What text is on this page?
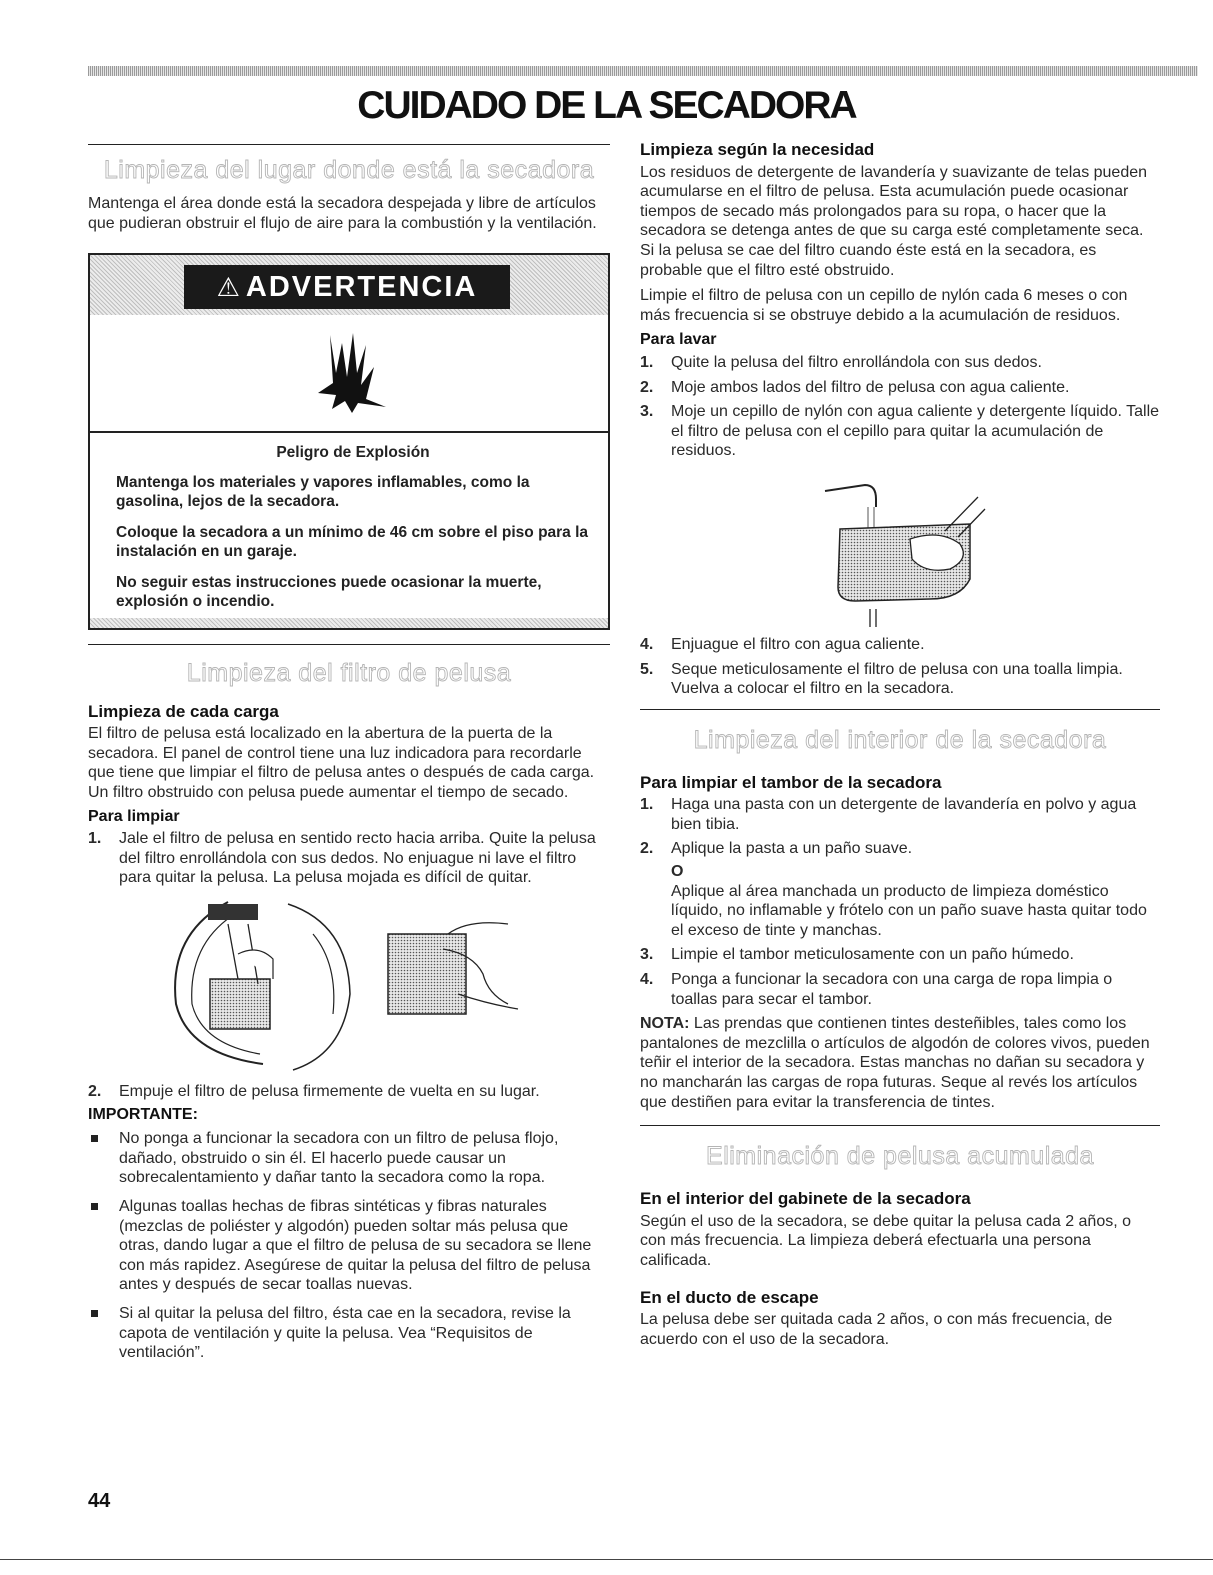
CUIDADO DE LA SECADORA
Limpieza del lugar donde está la secadora

Mantenga el área donde está la secadora despejada y libre de artículos que pudieran obstruir el flujo de aire para la combustión y la ventilación.

⚠ ADVERTENCIA

Peligro de Explosión

Mantenga los materiales y vapores inflamables, como la gasolina, lejos de la secadora.

Coloque la secadora a un mínimo de 46 cm sobre el piso para la instalación en un garaje.

No seguir estas instrucciones puede ocasionar la muerte, explosión o incendio.

Limpieza del filtro de pelusa

Limpieza de cada carga

El filtro de pelusa está localizado en la abertura de la puerta de la secadora. El panel de control tiene una luz indicadora para recordarle que tiene que limpiar el filtro de pelusa antes o después de cada carga. Un filtro obstruido con pelusa puede aumentar el tiempo de secado.

Para limpiar

1. Jale el filtro de pelusa en sentido recto hacia arriba. Quite la pelusa del filtro enrollándola con sus dedos. No enjuague ni lave el filtro para quitar la pelusa. La pelusa mojada es difícil de quitar.
2. Empuje el filtro de pelusa firmemente de vuelta en su lugar.

IMPORTANTE:

No ponga a funcionar la secadora con un filtro de pelusa flojo, dañado, obstruido o sin él. El hacerlo puede causar un sobrecalentamiento y dañar tanto la secadora como la ropa.
Algunas toallas hechas de fibras sintéticas y fibras naturales (mezclas de poliéster y algodón) pueden soltar más pelusa que otras, dando lugar a que el filtro de pelusa de su secadora se llene con más rapidez. Asegúrese de quitar la pelusa del filtro de pelusa antes y después de secar toallas nuevas.
Si al quitar la pelusa del filtro, ésta cae en la secadora, revise la capota de ventilación y quite la pelusa. Vea “Requisitos de ventilación”.

Limpieza según la necesidad

Los residuos de detergente de lavandería y suavizante de telas pueden acumularse en el filtro de pelusa. Esta acumulación puede ocasionar tiempos de secado más prolongados para su ropa, o hacer que la secadora se detenga antes de que su carga esté completamente seca. Si la pelusa se cae del filtro cuando éste está en la secadora, es probable que el filtro esté obstruido.

Limpie el filtro de pelusa con un cepillo de nylón cada 6 meses o con más frecuencia si se obstruye debido a la acumulación de residuos.

Para lavar

1. Quite la pelusa del filtro enrollándola con sus dedos.
2. Moje ambos lados del filtro de pelusa con agua caliente.
3. Moje un cepillo de nylón con agua caliente y detergente líquido. Talle el filtro de pelusa con el cepillo para quitar la acumulación de residuos.
4. Enjuague el filtro con agua caliente.
5. Seque meticulosamente el filtro de pelusa con una toalla limpia. Vuelva a colocar el filtro en la secadora.
Limpieza del interior de la secadora

Para limpiar el tambor de la secadora

1. Haga una pasta con un detergente de lavandería en polvo y agua bien tibia.
2. Aplique la pasta a un paño suave.
O
Aplique al área manchada un producto de limpieza doméstico líquido, no inflamable y frótelo con un paño suave hasta quitar todo el exceso de tinte y manchas.
3. Limpie el tambor meticulosamente con un paño húmedo.
4. Ponga a funcionar la secadora con una carga de ropa limpia o toallas para secar el tambor.

NOTA: Las prendas que contienen tintes desteñibles, tales como los pantalones de mezclilla o artículos de algodón de colores vivos, pueden teñir el interior de la secadora. Estas manchas no dañan su secadora y no mancharán las cargas de ropa futuras. Seque al revés los artículos que destiñen para evitar la transferencia de tintes.

Eliminación de pelusa acumulada

En el interior del gabinete de la secadora

Según el uso de la secadora, se debe quitar la pelusa cada 2 años, o con más frecuencia. La limpieza deberá efectuarla una persona calificada.

En el ducto de escape

La pelusa debe ser quitada cada 2 años, o con más frecuencia, de acuerdo con el uso de la secadora.

44
